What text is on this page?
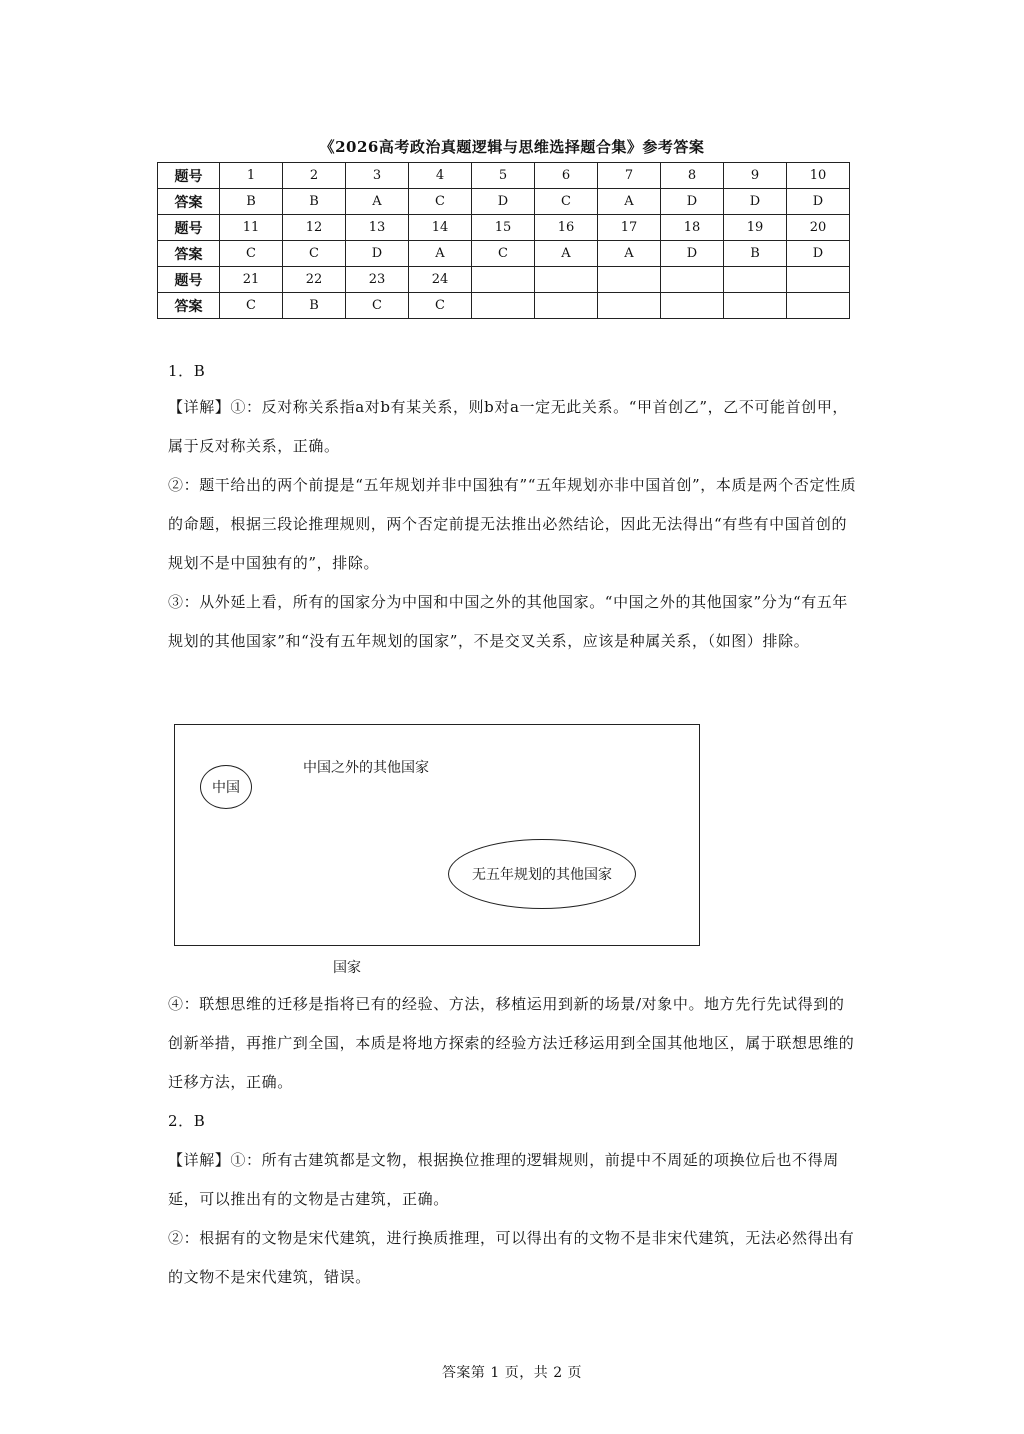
《2026高考政治真题逻辑与思维选择题合集》参考答案
题号	1	2	3	4	5	6	7	8	9	10
答案	B	B	A	C	D	C	A	D	D	D
题号	11	12	13	14	15	16	17	18	19	20
答案	C	C	D	A	C	A	A	D	B	D
题号	21	22	23	24						
答案	C	B	C	C						

1．B

【详解】①：反对称关系指a对b有某关系，则b对a一定无此关系。“甲首创乙”，乙不可能首创甲，属于反对称关系，正确。

②：题干给出的两个前提是“五年规划并非中国独有”“五年规划亦非中国首创”，本质是两个否定性质的命题，根据三段论推理规则，两个否定前提无法推出必然结论，因此无法得出“有些有中国首创的规划不是中国独有的”，排除。

③：从外延上看，所有的国家分为中国和中国之外的其他国家。“中国之外的其他国家”分为“有五年规划的其他国家”和“没有五年规划的国家”，不是交叉关系，应该是种属关系，（如图）排除。

中国之外的其他国家
中国
无五年规划的其他国家
国家

④：联想思维的迁移是指将已有的经验、方法，移植运用到新的场景/对象中。地方先行先试得到的创新举措，再推广到全国，本质是将地方探索的经验方法迁移运用到全国其他地区，属于联想思维的迁移方法，正确。

2．B

【详解】①：所有古建筑都是文物，根据换位推理的逻辑规则，前提中不周延的项换位后也不得周延，可以推出有的文物是古建筑，正确。

②：根据有的文物是宋代建筑，进行换质推理，可以得出有的文物不是非宋代建筑，无法必然得出有的文物不是宋代建筑，错误。

答案第 1 页，共 2 页
